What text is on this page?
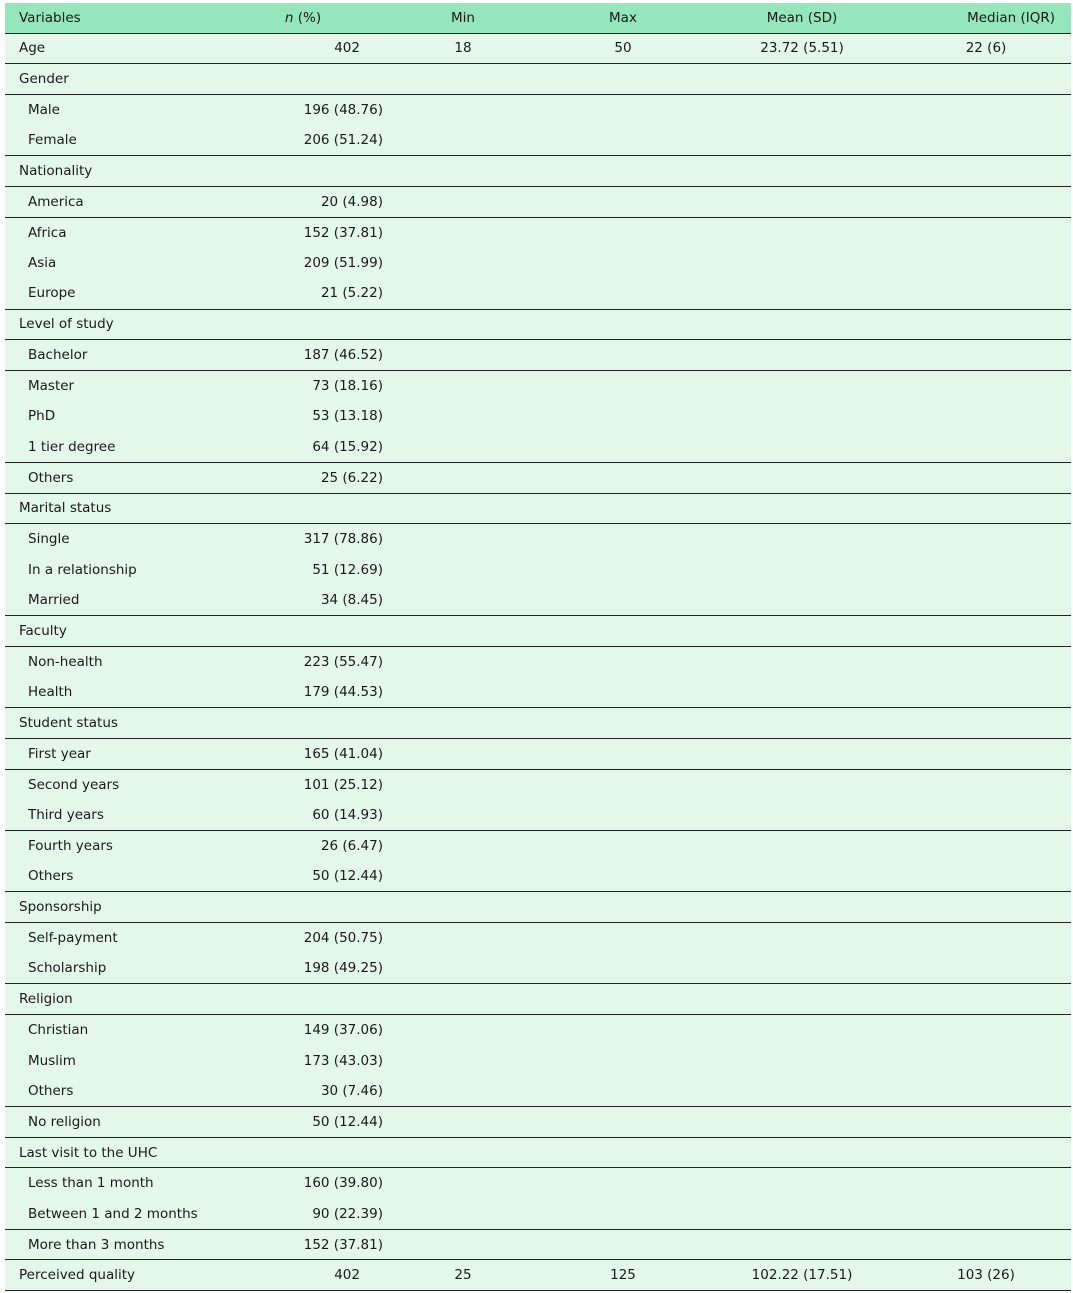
Variables	n (%)	Min	Max	Mean (SD)	Median (IQR)
Age	402	18	50	23.72 (5.51)	22 (6)
Gender					
Male	196 (48.76)				
Female	206 (51.24)				
Nationality					
America	20 (4.98)				
Africa	152 (37.81)				
Asia	209 (51.99)				
Europe	21 (5.22)				
Level of study					
Bachelor	187 (46.52)				
Master	73 (18.16)				
PhD	53 (13.18)				
1 tier degree	64 (15.92)				
Others	25 (6.22)				
Marital status					
Single	317 (78.86)				
In a relationship	51 (12.69)				
Married	34 (8.45)				
Faculty					
Non-health	223 (55.47)				
Health	179 (44.53)				
Student status					
First year	165 (41.04)				
Second years	101 (25.12)				
Third years	60 (14.93)				
Fourth years	26 (6.47)				
Others	50 (12.44)				
Sponsorship					
Self-payment	204 (50.75)				
Scholarship	198 (49.25)				
Religion					
Christian	149 (37.06)				
Muslim	173 (43.03)				
Others	30 (7.46)				
No religion	50 (12.44)				
Last visit to the UHC					
Less than 1 month	160 (39.80)				
Between 1 and 2 months	90 (22.39)				
More than 3 months	152 (37.81)				
Perceived quality	402	25	125	102.22 (17.51)	103 (26)
